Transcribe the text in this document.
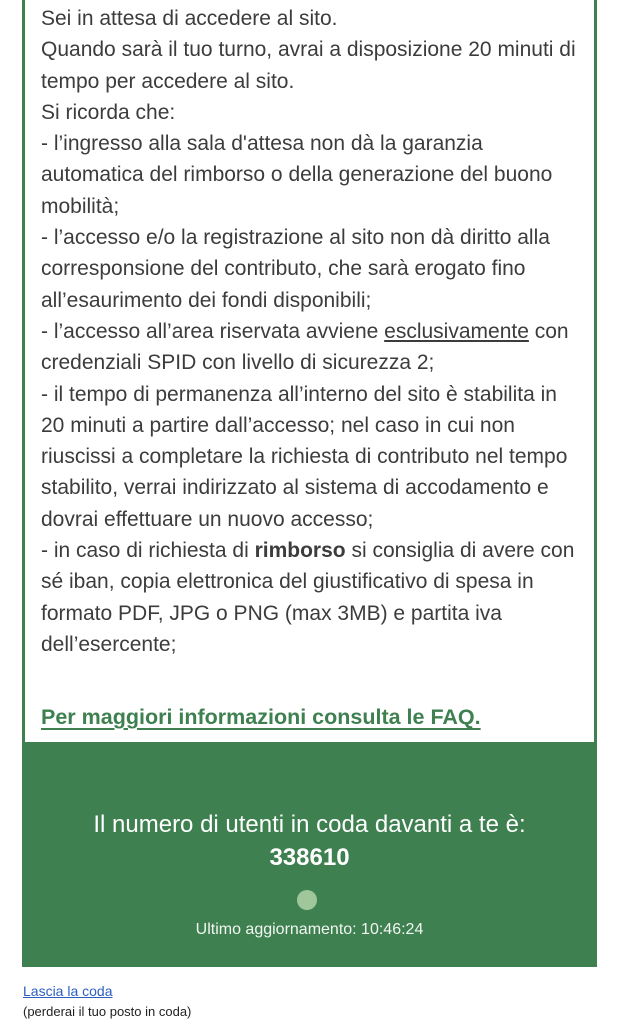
Sei in attesa di accedere al sito.

Quando sarà il tuo turno, avrai a disposizione 20 minuti di tempo per accedere al sito.

Si ricorda che:

- l’ingresso alla sala d'attesa non dà la garanzia automatica del rimborso o della generazione del buono mobilità;

- l’accesso e/o la registrazione al sito non dà diritto alla corresponsione del contributo, che sarà erogato fino all’esaurimento dei fondi disponibili;

- l’accesso all’area riservata avviene esclusivamente con credenziali SPID con livello di sicurezza 2;

- il tempo di permanenza all’interno del sito è stabilita in 20 minuti a partire dall’accesso; nel caso in cui non riuscissi a completare la richiesta di contributo nel tempo stabilito, verrai indirizzato al sistema di accodamento e dovrai effettuare un nuovo accesso;

- in caso di richiesta di rimborso si consiglia di avere con sé iban, copia elettronica del giustificativo di spesa in formato PDF, JPG o PNG (max 3MB) e partita iva dell’esercente;

Per maggiori informazioni consulta le FAQ.
Il numero di utenti in coda davanti a te è:
338610
Ultimo aggiornamento: 10:46:24
Lascia la coda
(perderai il tuo posto in coda)
